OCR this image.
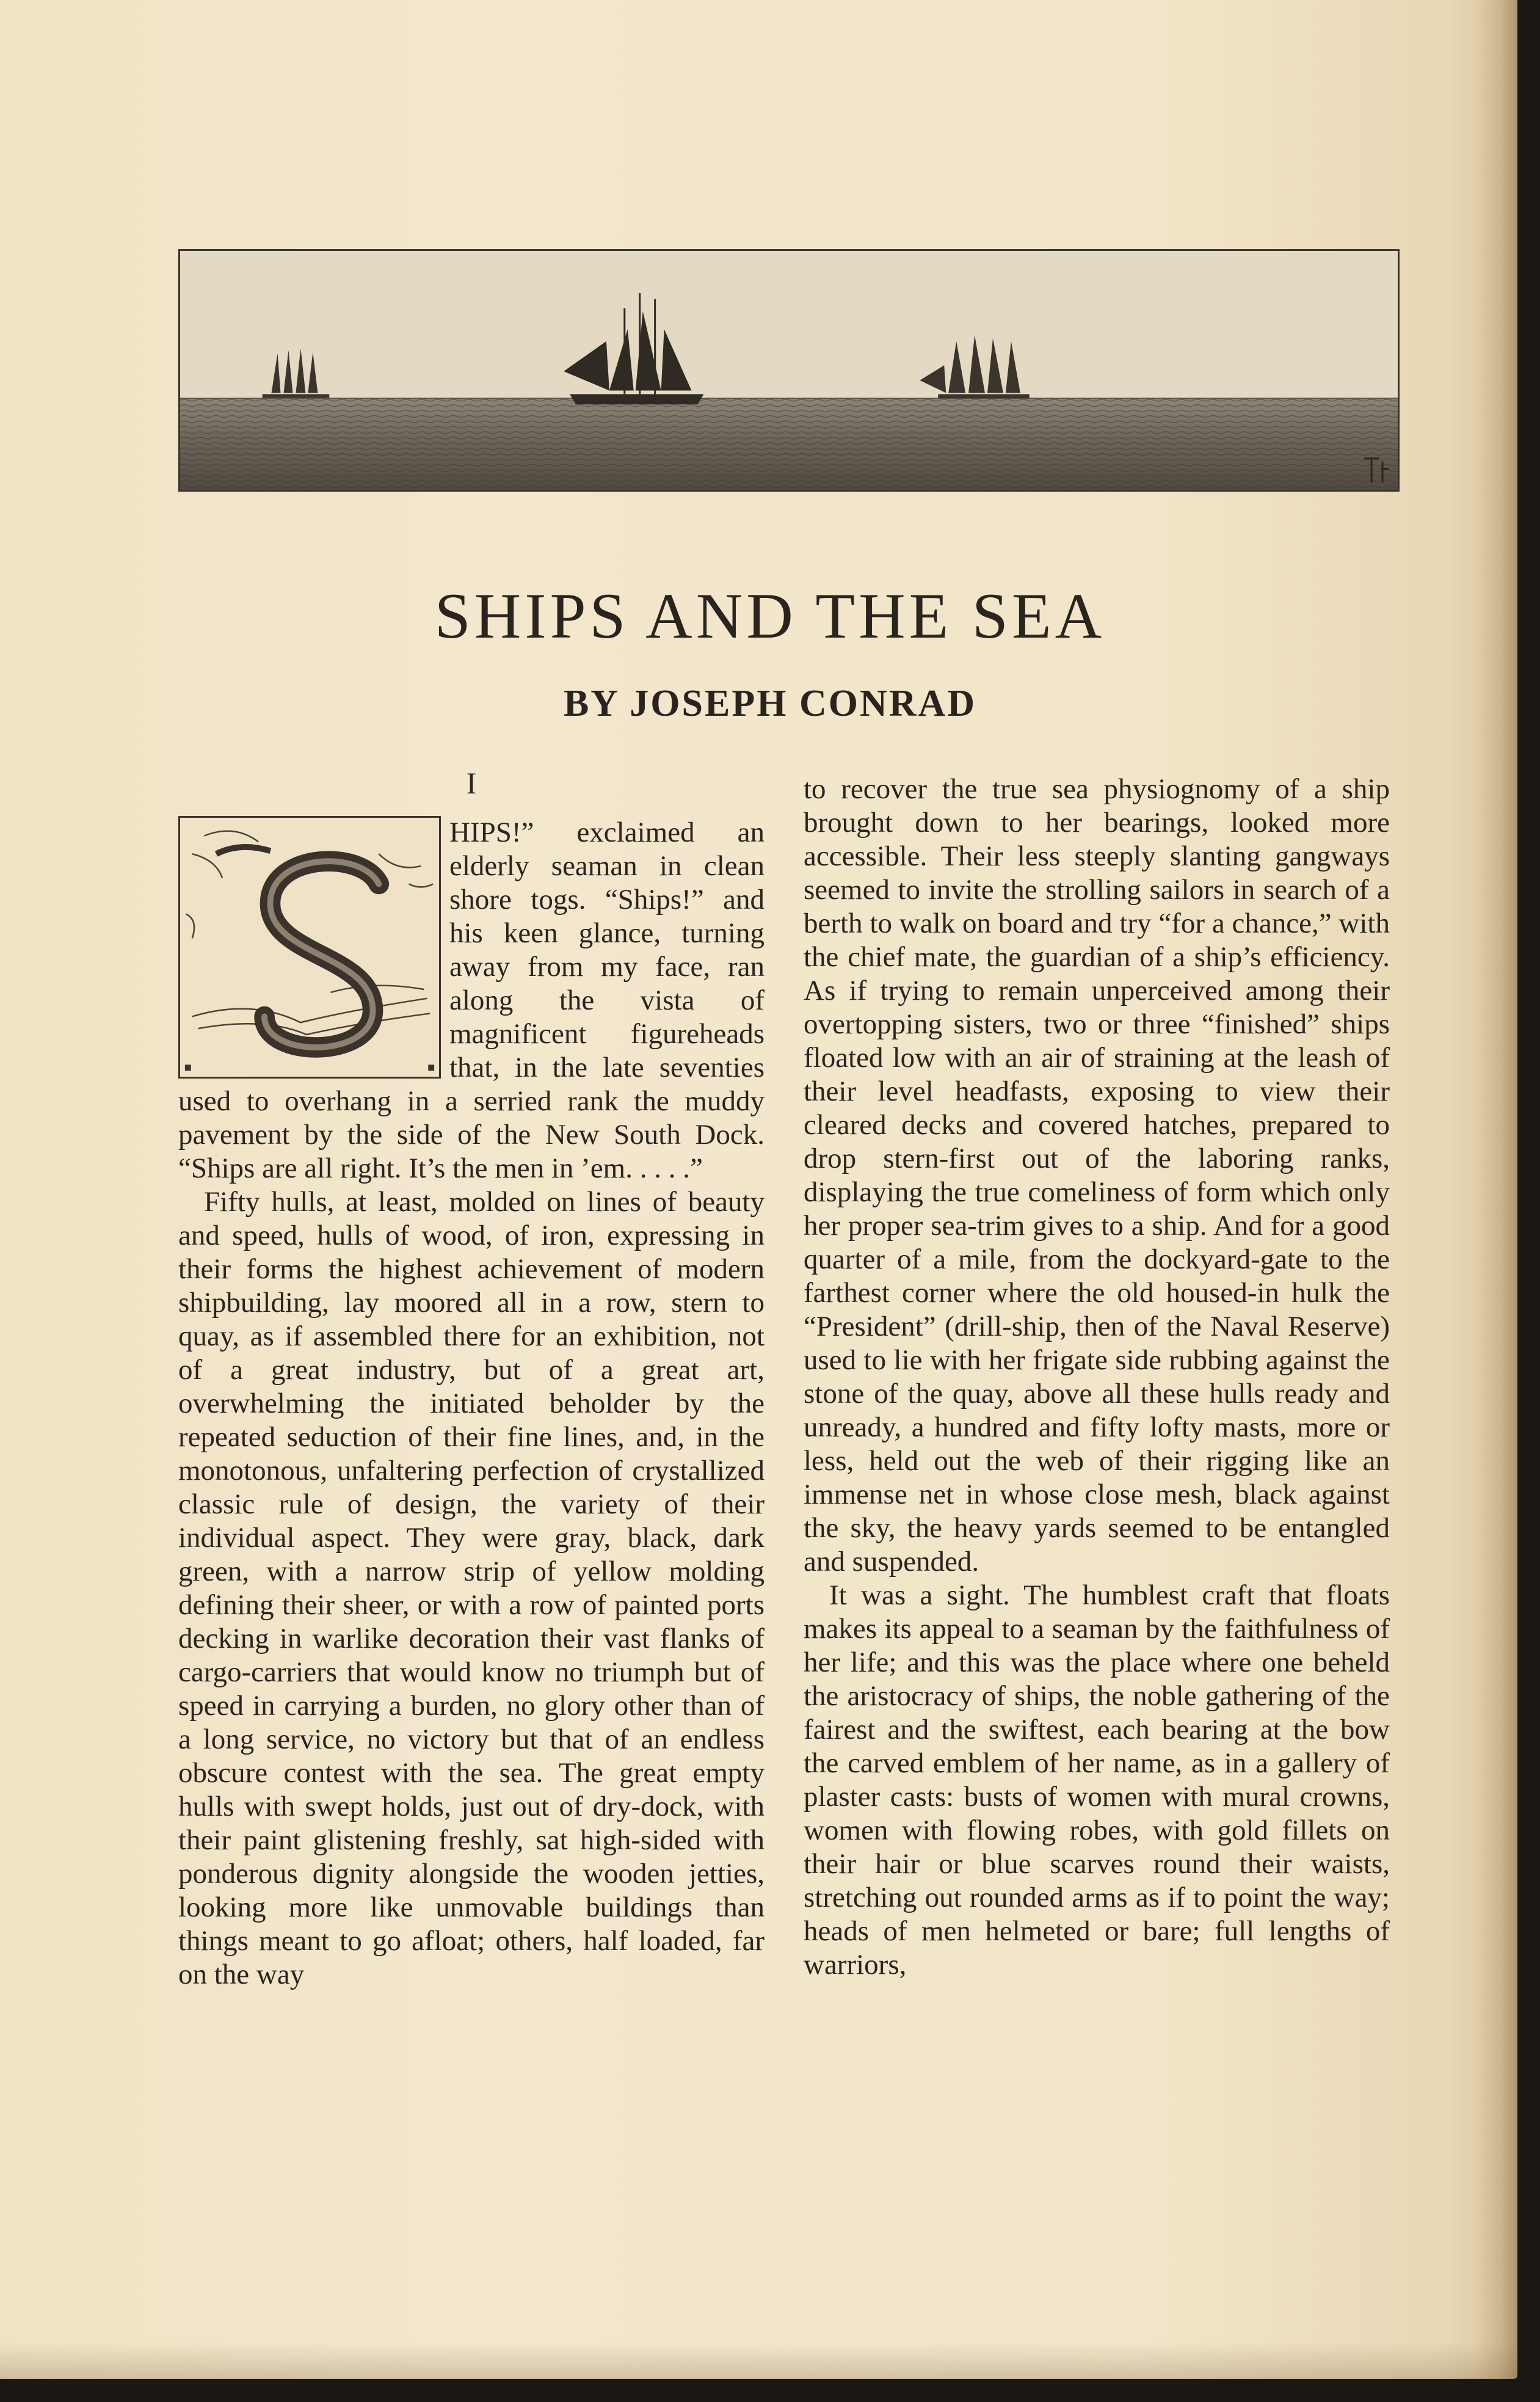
SHIPS AND THE SEA
BY JOSEPH CONRAD
I

HIPS!” exclaimed an elderly seaman in clean shore togs. “Ships!” and his keen glance, turning away from my face, ran along the vista of magnificent figureheads that, in the late seventies used to overhang in a serried rank the muddy pavement by the side of the New South Dock. “Ships are all right. It’s the men in ’em. . . . .”

Fifty hulls, at least, molded on lines of beauty and speed, hulls of wood, of iron, expressing in their forms the highest achievement of modern shipbuilding, lay moored all in a row, stern to quay, as if assembled there for an exhibition, not of a great industry, but of a great art, overwhelming the initiated beholder by the repeated seduction of their fine lines, and, in the monotonous, unfaltering perfection of crystallized classic rule of design, the variety of their individual aspect. They were gray, black, dark green, with a narrow strip of yellow molding defining their sheer, or with a row of painted ports decking in warlike decoration their vast flanks of cargo-carriers that would know no triumph but of speed in carrying a burden, no glory other than of a long service, no victory but that of an endless obscure contest with the sea. The great empty hulls with swept holds, just out of dry-dock, with their paint glistening freshly, sat high-sided with ponderous dignity alongside the wooden jetties, looking more like unmovable buildings than things meant to go afloat; others, half loaded, far on the way

to recover the true sea physiognomy of a ship brought down to her bearings, looked more accessible. Their less steeply slanting gangways seemed to invite the strolling sailors in search of a berth to walk on board and try “for a chance,” with the chief mate, the guardian of a ship’s efficiency. As if trying to remain unperceived among their overtopping sisters, two or three “finished” ships floated low with an air of straining at the leash of their level headfasts, exposing to view their cleared decks and covered hatches, prepared to drop stern-first out of the laboring ranks, displaying the true comeliness of form which only her proper sea-trim gives to a ship. And for a good quarter of a mile, from the dockyard-gate to the farthest corner where the old housed-in hulk the “President” (drill-ship, then of the Naval Reserve) used to lie with her frigate side rubbing against the stone of the quay, above all these hulls ready and unready, a hundred and fifty lofty masts, more or less, held out the web of their rigging like an immense net in whose close mesh, black against the sky, the heavy yards seemed to be entangled and suspended.

It was a sight. The humblest craft that floats makes its appeal to a seaman by the faithfulness of her life; and this was the place where one beheld the aristocracy of ships, the noble gathering of the fairest and the swiftest, each bearing at the bow the carved emblem of her name, as in a gallery of plaster casts: busts of women with mural crowns, women with flowing robes, with gold fillets on their hair or blue scarves round their waists, stretching out rounded arms as if to point the way; heads of men helmeted or bare; full lengths of warriors,
